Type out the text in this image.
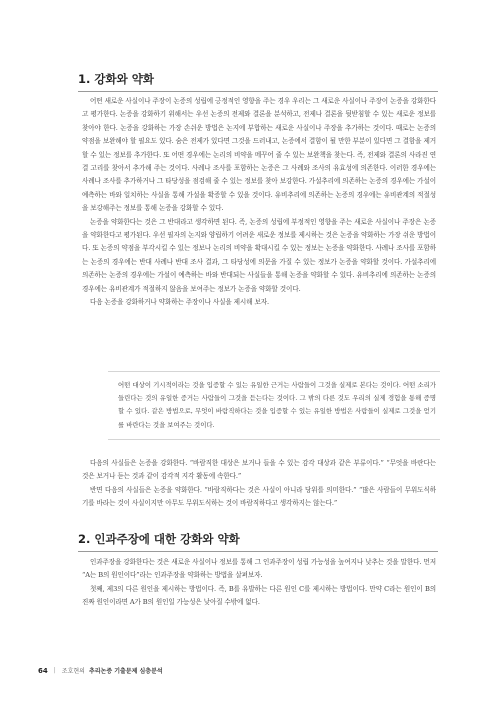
1. 강화와 약화

어떤 새로운 사실이나 주장이 논증의 성립에 긍정적인 영향을 주는 경우 우리는 그 새로운 사실이나 주장이 논증을 강화한다고 평가한다. 논증을 강화하기 위해서는 우선 논증의 전제와 결론을 분석하고, 전제나 결론을 뒷받침할 수 있는 새로운 정보를 찾아야 한다. 논증을 강화하는 가장 손쉬운 방법은 논지에 부합하는 새로운 사실이나 주장을 추가하는 것이다. 때로는 논증의 약점을 보완해야 할 필요도 있다. 숨은 전제가 있다면 그것을 드러내고, 논증에서 결함이 될 만한 부분이 있다면 그 결함을 제거할 수 있는 정보를 추가한다. 또 어떤 경우에는 논리의 비약을 메꾸어 줄 수 있는 보완책을 찾는다. 즉, 전제와 결론의 사라진 연결 고리를 찾아서 추가해 주는 것이다. 사례나 조사를 포함하는 논증은 그 사례와 조사의 유효성에 의존한다. 이러한 경우에는 사례나 조사를 추가하거나 그 타당성을 점검해 줄 수 있는 정보를 찾아 보강한다. 가설추리에 의존하는 논증의 경우에는 가설이 예측하는 바와 일치하는 사실을 통해 가설을 확증할 수 있을 것이다. 유비추리에 의존하는 논증의 경우에는 유비관계의 적절성을 보강해주는 정보를 통해 논증을 강화할 수 있다.

논증을 약화한다는 것은 그 반대라고 생각하면 된다. 즉, 논증의 성립에 부정적인 영향을 주는 새로운 사실이나 주장은 논증을 약화한다고 평가된다. 우선 필자의 논지와 양립하기 어려운 새로운 정보를 제시하는 것은 논증을 약화하는 가장 쉬운 방법이다. 또 논증의 약점을 부각시킬 수 있는 정보나 논리의 비약을 확대시킬 수 있는 정보는 논증을 약화한다. 사례나 조사를 포함하는 논증의 경우에는 반대 사례나 반대 조사 결과, 그 타당성에 의문을 가질 수 있는 정보가 논증을 약화할 것이다. 가설추리에 의존하는 논증의 경우에는 가설이 예측하는 바와 반대되는 사실들을 통해 논증을 약화할 수 있다. 유비추리에 의존하는 논증의 경우에는 유비관계가 적절하지 않음을 보여주는 정보가 논증을 약화할 것이다.

다음 논증을 강화하거나 약화하는 주장이나 사실을 제시해 보자.

어떤 대상이 기시적이라는 것을 입증할 수 있는 유일한 근거는 사람들이 그것을 실제로 본다는 것이다. 어떤 소리가 들린다는 것의 유일한 증거는 사람들이 그것을 듣는다는 것이다. 그 밖의 다른 것도 우리의 실제 경험을 통해 증명할 수 있다. 같은 방법으로, 무엇이 바람직하다는 것을 입증할 수 있는 유일한 방법은 사람들이 실제로 그것을 얻기를 바란다는 것을 보여주는 것이다.

다음의 사실들은 논증을 강화한다. “바람직한 대상은 보거나 들을 수 있는 감각 대상과 같은 부류이다.” “무엇을 바란다는 것은 보거나 듣는 것과 같이 감각적 지각 활동에 속한다.”

반면 다음의 사실들은 논증을 약화한다. “바람직하다는 것은 사실이 아니라 당위를 의미한다.” “많은 사람들이 무위도식하기를 바라는 것이 사실이지만 아무도 무위도식하는 것이 바람직하다고 생각하지는 않는다.”

2. 인과주장에 대한 강화와 약화

인과주장을 강화한다는 것은 새로운 사실이나 정보를 통해 그 인과주장이 성립 가능성을 높여지나 낮추는 것을 말한다. 먼저 “A는 B의 원인이다”라는 인과주장을 약화하는 방법을 살펴보자.

첫째, 제3의 다른 원인을 제시하는 방법이다. 즉, B를 유발하는 다른 원인 C를 제시하는 방법이다. 만약 C라는 원인이 B의 진짜 원인이라면 A가 B의 원인일 가능성은 낮아질 수밖에 없다.

64 | 조호현의 추리논증 기출문제 심층분석
